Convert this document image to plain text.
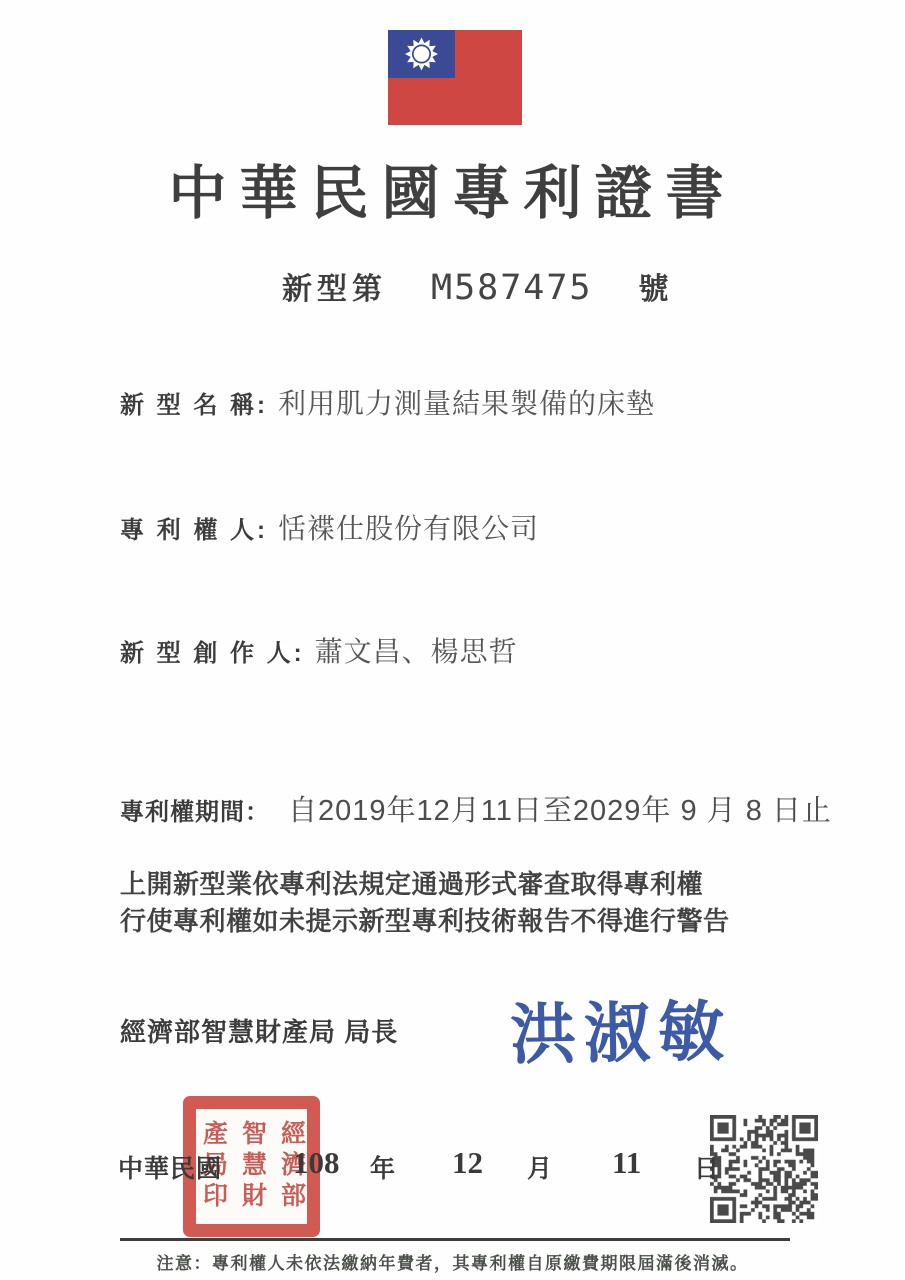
中華民國專利證書
新型第 M587475 號
新 型 名 稱: 利用肌力測量結果製備的床墊
專 利 權 人: 恬褋仕股份有限公司
新 型 創 作 人: 蕭文昌、楊思哲
專利權期間： 自2019年12月11日至2029年 9 月 8 日止
上開新型業依專利法規定通過形式審查取得專利權
行使專利權如未提示新型專利技術報告不得進行警告
經濟部智慧財產局 局長 洪淑敏
經濟部
智慧財
產局印
中華民國 108 年 12 月 11 日
注意：專利權人未依法繳納年費者，其專利權自原繳費期限屆滿後消滅。
